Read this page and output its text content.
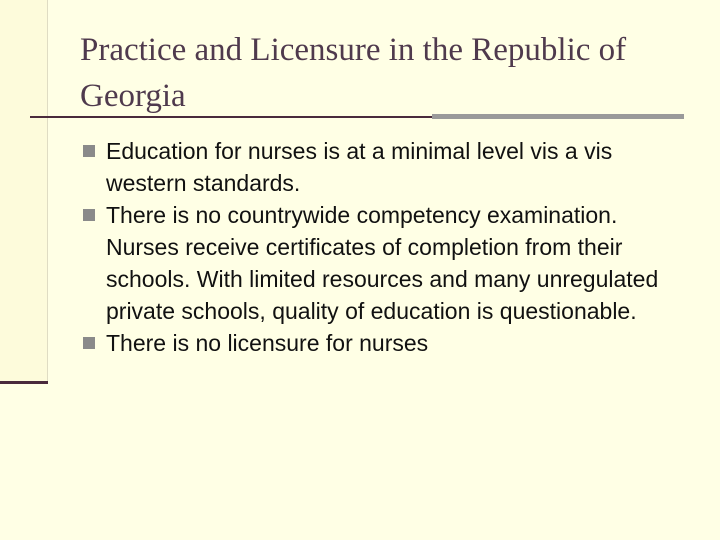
Practice and Licensure in the Republic of Georgia
Education for nurses is at a minimal level vis a vis western standards.
There is no countrywide competency examination. Nurses receive certificates of completion from their schools. With limited resources and many unregulated private schools, quality of education is questionable.
There is no licensure for nurses
